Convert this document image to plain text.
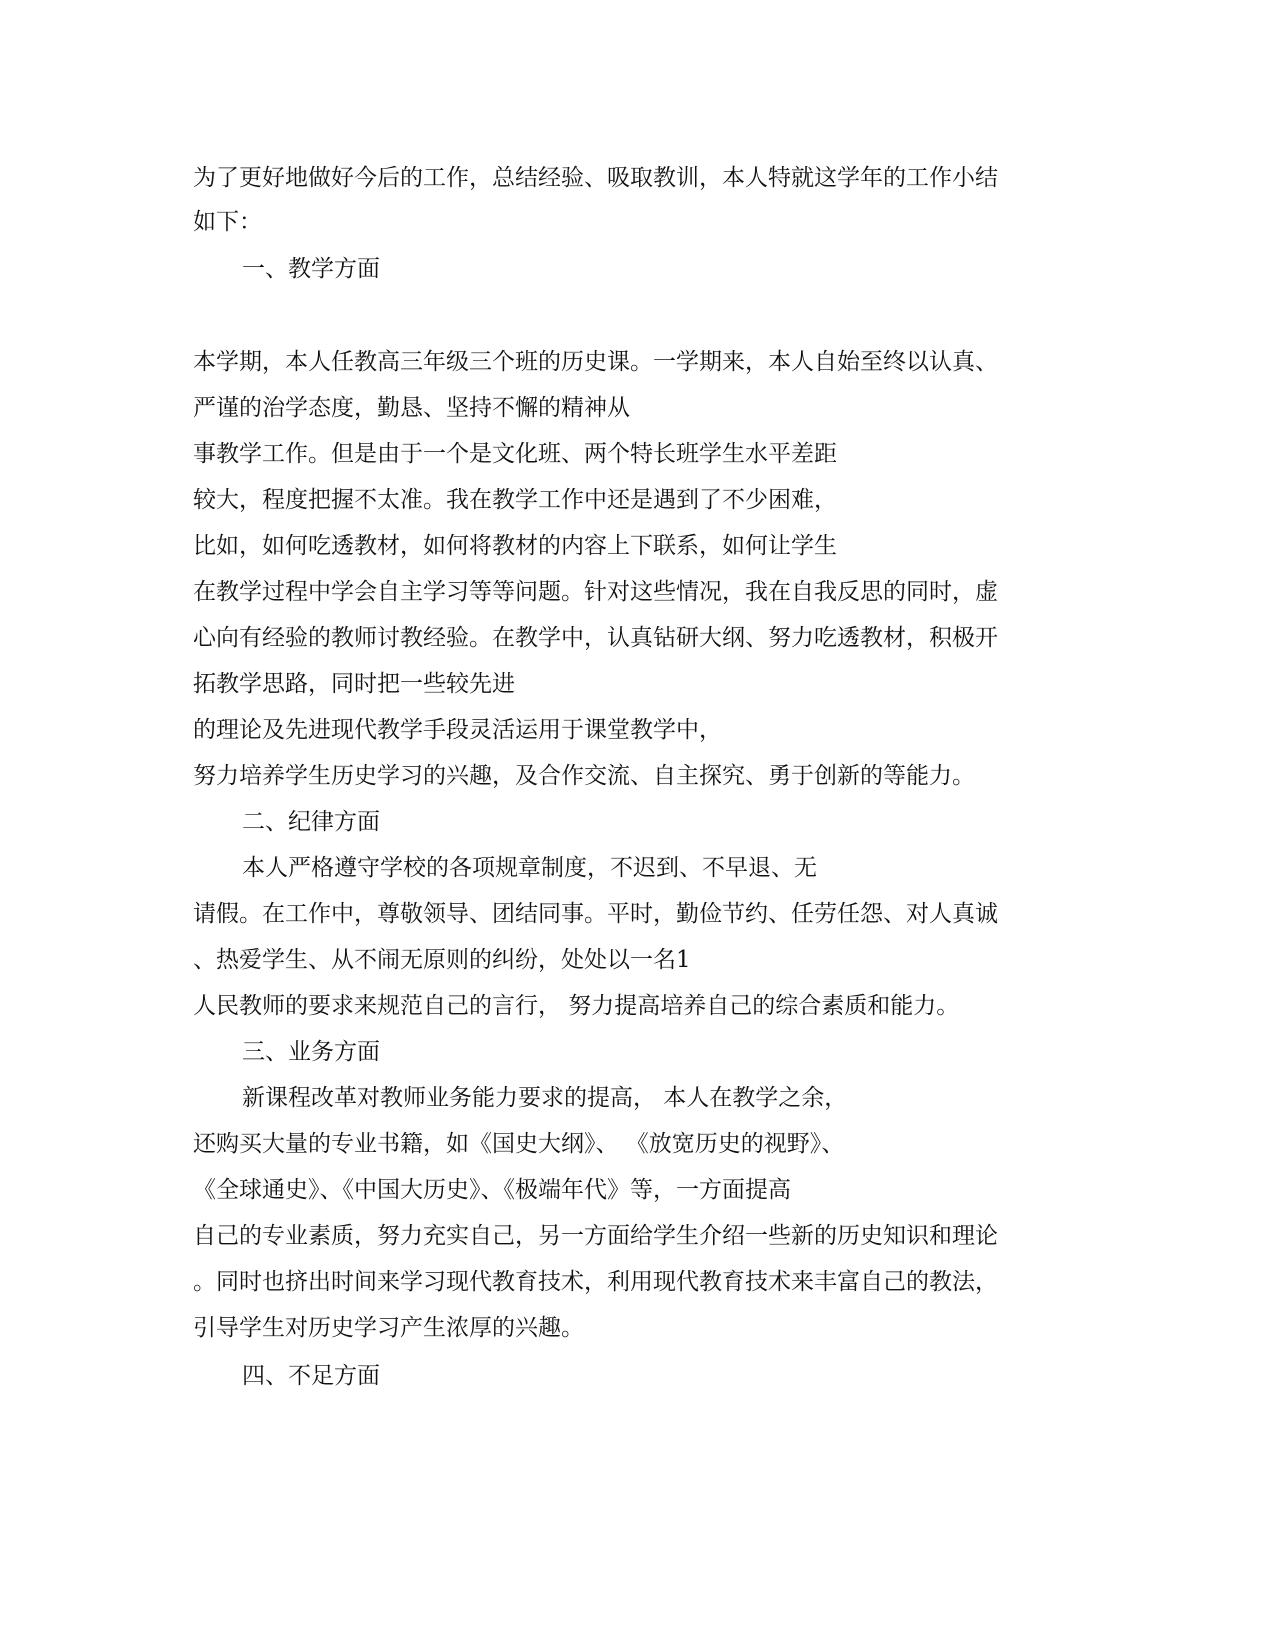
为了更好地做好今后的工作，总结经验、吸取教训，本人特就这学年的工作小结
如下：
一、教学方面
本学期，本人任教高三年级三个班的历史课。一学期来，本人自始至终以认真、
严谨的治学态度，勤恳、坚持不懈的精神从
事教学工作。但是由于一个是文化班、两个特长班学生水平差距
较大，程度把握不太准。我在教学工作中还是遇到了不少困难，
比如，如何吃透教材，如何将教材的内容上下联系，如何让学生
在教学过程中学会自主学习等等问题。针对这些情况，我在自我反思的同时，虚
心向有经验的教师讨教经验。在教学中，认真钻研大纲、努力吃透教材，积极开
拓教学思路，同时把一些较先进
的理论及先进现代教学手段灵活运用于课堂教学中，
努力培养学生历史学习的兴趣，及合作交流、自主探究、勇于创新的等能力。
二、纪律方面
本人严格遵守学校的各项规章制度，不迟到、不早退、无
请假。在工作中，尊敬领导、团结同事。平时，勤俭节约、任劳任怨、对人真诚
、热爱学生、从不闹无原则的纠纷，处处以一名1
人民教师的要求来规范自己的言行， 努力提高培养自己的综合素质和能力。
三、业务方面
新课程改革对教师业务能力要求的提高， 本人在教学之余，
还购买大量的专业书籍，如《国史大纲》、 《放宽历史的视野》、
《全球通史》、《中国大历史》、《极端年代》等，一方面提高
自己的专业素质，努力充实自己，另一方面给学生介绍一些新的历史知识和理论
。同时也挤出时间来学习现代教育技术，利用现代教育技术来丰富自己的教法，
引导学生对历史学习产生浓厚的兴趣。
四、不足方面
